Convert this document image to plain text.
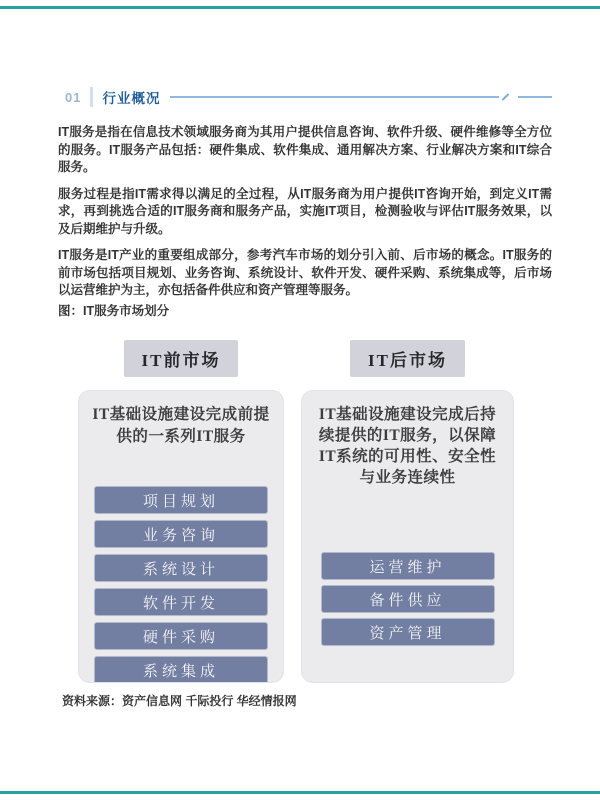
01 行业概况

IT服务是指在信息技术领域服务商为其用户提供信息咨询、软件升级、硬件维修等全方位的服务。IT服务产品包括：硬件集成、软件集成、通用解决方案、行业解决方案和IT综合服务。

服务过程是指IT需求得以满足的全过程，从IT服务商为用户提供IT咨询开始，到定义IT需求，再到挑选合适的IT服务商和服务产品，实施IT项目，检测验收与评估IT服务效果，以及后期维护与升级。

IT服务是IT产业的重要组成部分，参考汽车市场的划分引入前、后市场的概念。IT服务的前市场包括项目规划、业务咨询、系统设计、软件开发、硬件采购、系统集成等，后市场以运营维护为主，亦包括备件供应和资产管理等服务。

图：IT服务市场划分
IT前市场
IT基础设施建设完成前提供的一系列IT服务
项目规划
业务咨询
系统设计
软件开发
硬件采购
系统集成
IT后市场
IT基础设施建设完成后持续提供的IT服务，以保障IT系统的可用性、安全性与业务连续性
运营维护
备件供应
资产管理
资料来源：资产信息网 千际投行 华经情报网
